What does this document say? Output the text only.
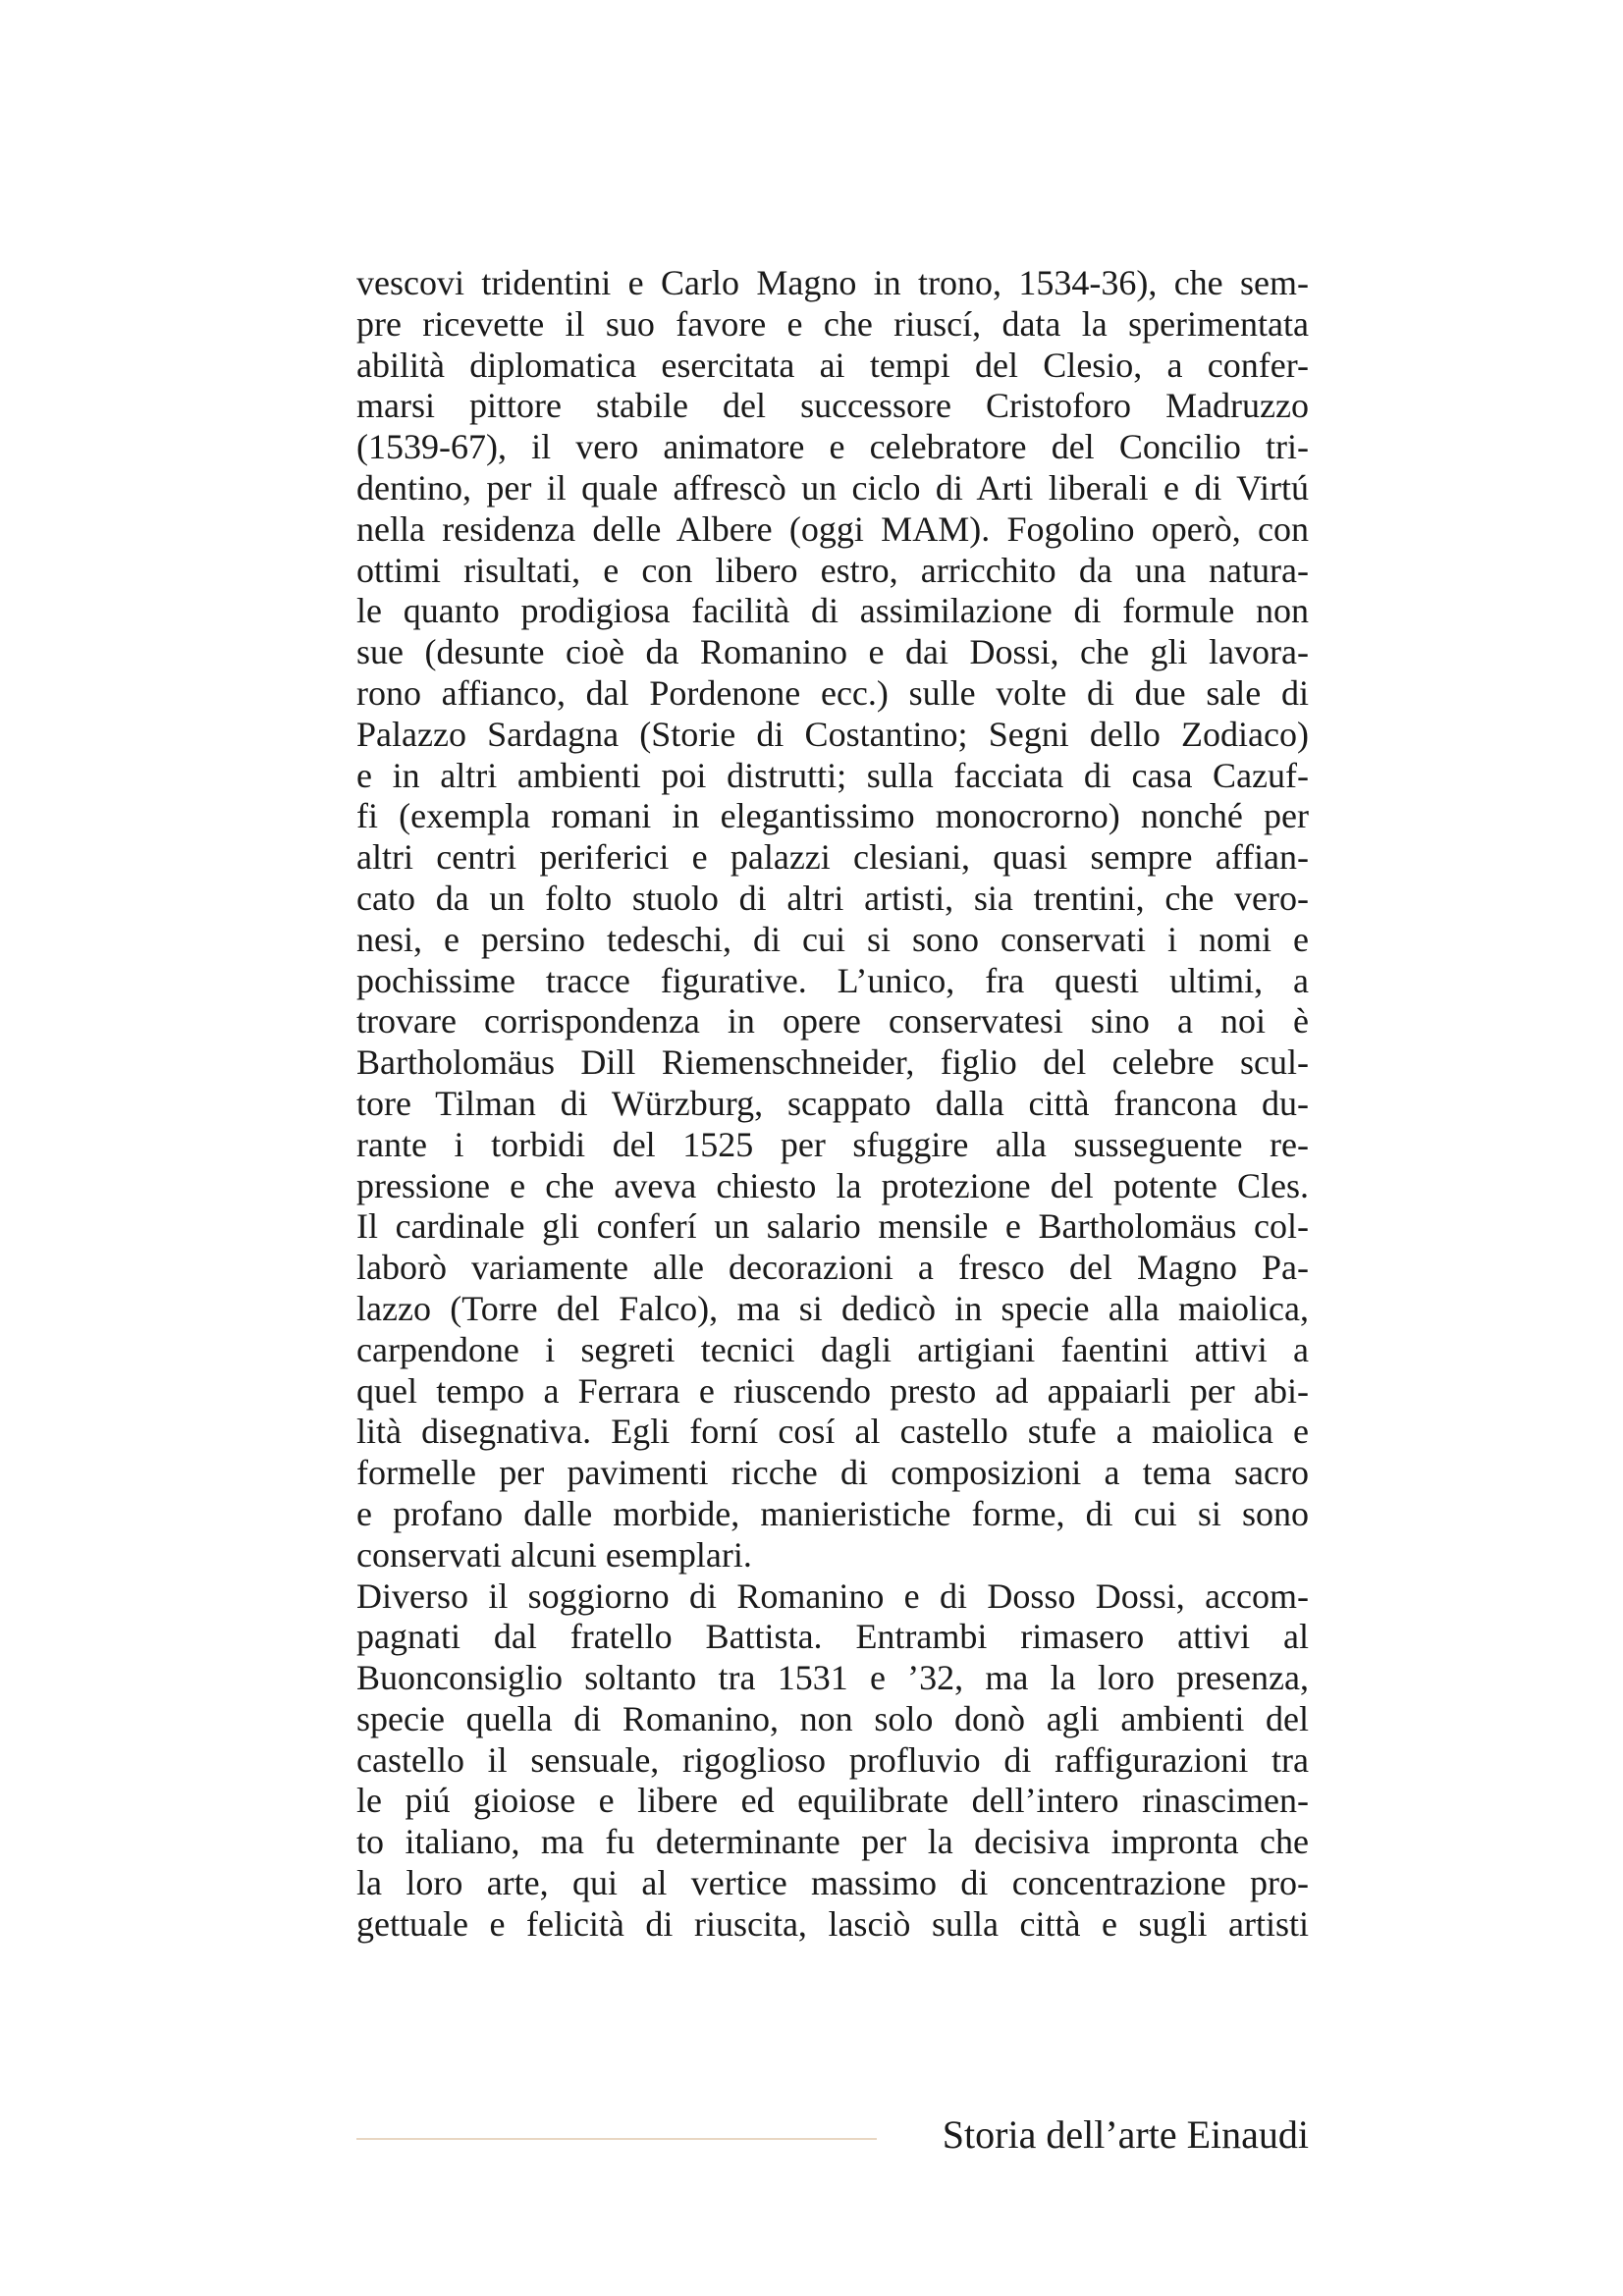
vescovi tridentini e Carlo Magno in trono, 1534-36), che sem-
pre ricevette il suo favore e che riuscí, data la sperimentata
abilità diplomatica esercitata ai tempi del Clesio, a confer-
marsi pittore stabile del successore Cristoforo Madruzzo
(1539-67), il vero animatore e celebratore del Concilio tri-
dentino, per il quale affrescò un ciclo di Arti liberali e di Virtú
nella residenza delle Albere (oggi MAM). Fogolino operò, con
ottimi risultati, e con libero estro, arricchito da una natura-
le quanto prodigiosa facilità di assimilazione di formule non
sue (desunte cioè da Romanino e dai Dossi, che gli lavora-
rono affianco, dal Pordenone ecc.) sulle volte di due sale di
Palazzo Sardagna (Storie di Costantino; Segni dello Zodiaco)
e in altri ambienti poi distrutti; sulla facciata di casa Cazuf-
fi (exempla romani in elegantissimo monocrorno) nonché per
altri centri periferici e palazzi clesiani, quasi sempre affian-
cato da un folto stuolo di altri artisti, sia trentini, che vero-
nesi, e persino tedeschi, di cui si sono conservati i nomi e
pochissime tracce figurative. L’unico, fra questi ultimi, a
trovare corrispondenza in opere conservatesi sino a noi è
Bartholomäus Dill Riemenschneider, figlio del celebre scul-
tore Tilman di Würzburg, scappato dalla città francona du-
rante i torbidi del 1525 per sfuggire alla susseguente re-
pressione e che aveva chiesto la protezione del potente Cles.
Il cardinale gli conferí un salario mensile e Bartholomäus col-
laborò variamente alle decorazioni a fresco del Magno Pa-
lazzo (Torre del Falco), ma si dedicò in specie alla maiolica,
carpendone i segreti tecnici dagli artigiani faentini attivi a
quel tempo a Ferrara e riuscendo presto ad appaiarli per abi-
lità disegnativa. Egli forní cosí al castello stufe a maiolica e
formelle per pavimenti ricche di composizioni a tema sacro
e profano dalle morbide, manieristiche forme, di cui si sono
conservati alcuni esemplari.
Diverso il soggiorno di Romanino e di Dosso Dossi, accom-
pagnati dal fratello Battista. Entrambi rimasero attivi al
Buonconsiglio soltanto tra 1531 e ’32, ma la loro presenza,
specie quella di Romanino, non solo donò agli ambienti del
castello il sensuale, rigoglioso profluvio di raffigurazioni tra
le piú gioiose e libere ed equilibrate dell’intero rinascimen-
to italiano, ma fu determinante per la decisiva impronta che
la loro arte, qui al vertice massimo di concentrazione pro-
gettuale e felicità di riuscita, lasciò sulla città e sugli artisti
Storia dell’arte Einaudi
